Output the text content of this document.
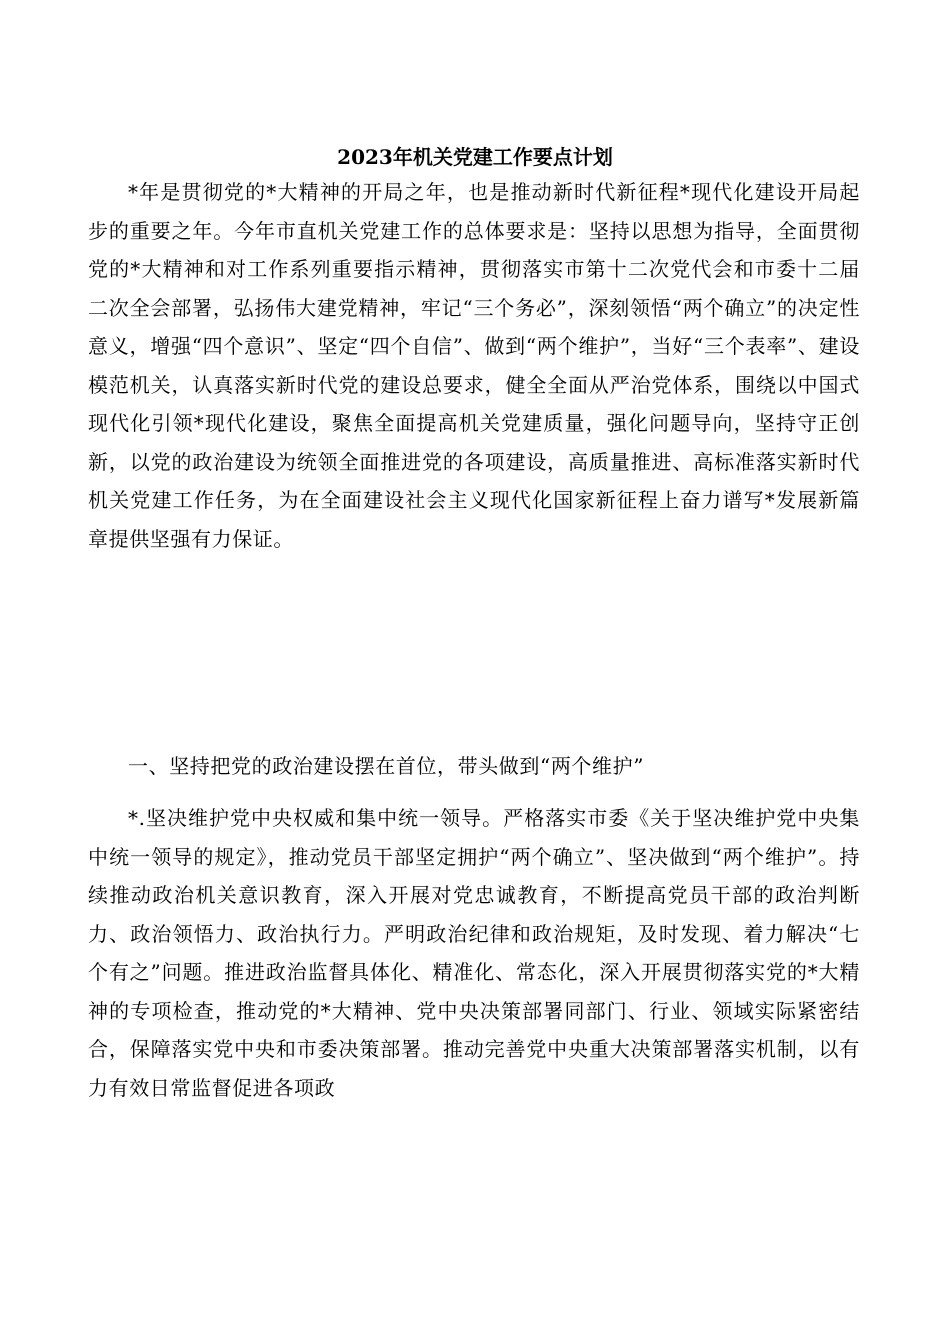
2023年机关党建工作要点计划

*年是贯彻党的*大精神的开局之年，也是推动新时代新征程*现代化建设开局起步的重要之年。今年市直机关党建工作的总体要求是：坚持以思想为指导，全面贯彻党的*大精神和对工作系列重要指示精神，贯彻落实市第十二次党代会和市委十二届二次全会部署，弘扬伟大建党精神，牢记“三个务必”，深刻领悟“两个确立”的决定性意义，增强“四个意识”、坚定“四个自信”、做到“两个维护”，当好“三个表率”、建设模范机关，认真落实新时代党的建设总要求，健全全面从严治党体系，围绕以中国式现代化引领*现代化建设，聚焦全面提高机关党建质量，强化问题导向，坚持守正创新，以党的政治建设为统领全面推进党的各项建设，高质量推进、高标准落实新时代机关党建工作任务，为在全面建设社会主义现代化国家新征程上奋力谱写*发展新篇章提供坚强有力保证。

一、坚持把党的政治建设摆在首位，带头做到“两个维护”

*.坚决维护党中央权威和集中统一领导。严格落实市委《关于坚决维护党中央集中统一领导的规定》，推动党员干部坚定拥护“两个确立”、坚决做到“两个维护”。持续推动政治机关意识教育，深入开展对党忠诚教育，不断提高党员干部的政治判断力、政治领悟力、政治执行力。严明政治纪律和政治规矩，及时发现、着力解决“七个有之”问题。推进政治监督具体化、精准化、常态化，深入开展贯彻落实党的*大精神的专项检查，推动党的*大精神、党中央决策部署同部门、行业、领域实际紧密结合，保障落实党中央和市委决策部署。推动完善党中央重大决策部署落实机制，以有力有效日常监督促进各项政
